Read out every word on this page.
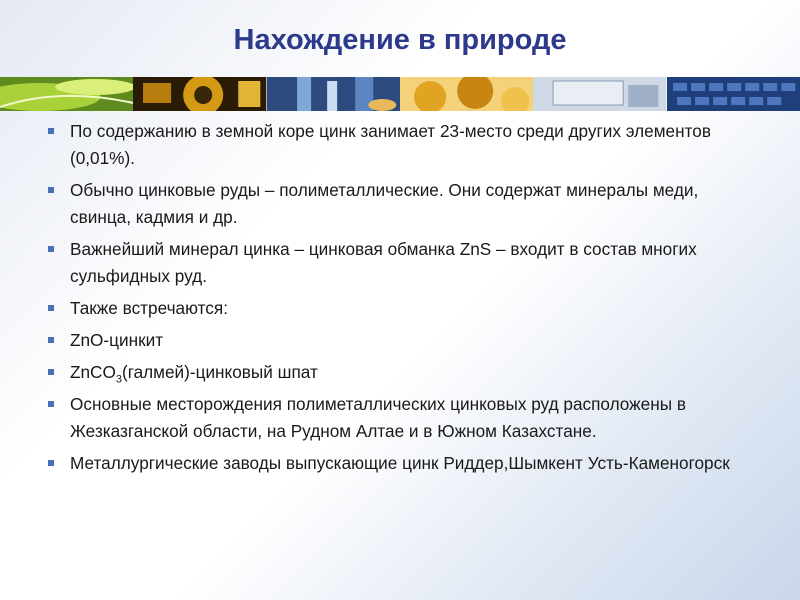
Нахождение в природе
По содержанию в земной коре цинк занимает 23-место среди других элементов (0,01%).
Обычно цинковые руды – полиметаллические. Они содержат минералы меди, свинца, кадмия и др.
Важнейший минерал цинка – цинковая обманка ZnS – входит в состав многих сульфидных руд.
Также встречаются:
ZnO-цинкит
ZnCO$_3$(галмей)-цинковый шпат
Основные месторождения полиметаллических цинковых руд расположены в Жезказганской области, на Рудном Алтае и в Южном Казахстане.
Металлургические заводы выпускающие цинк Риддер,Шымкент Усть-Каменогорск
